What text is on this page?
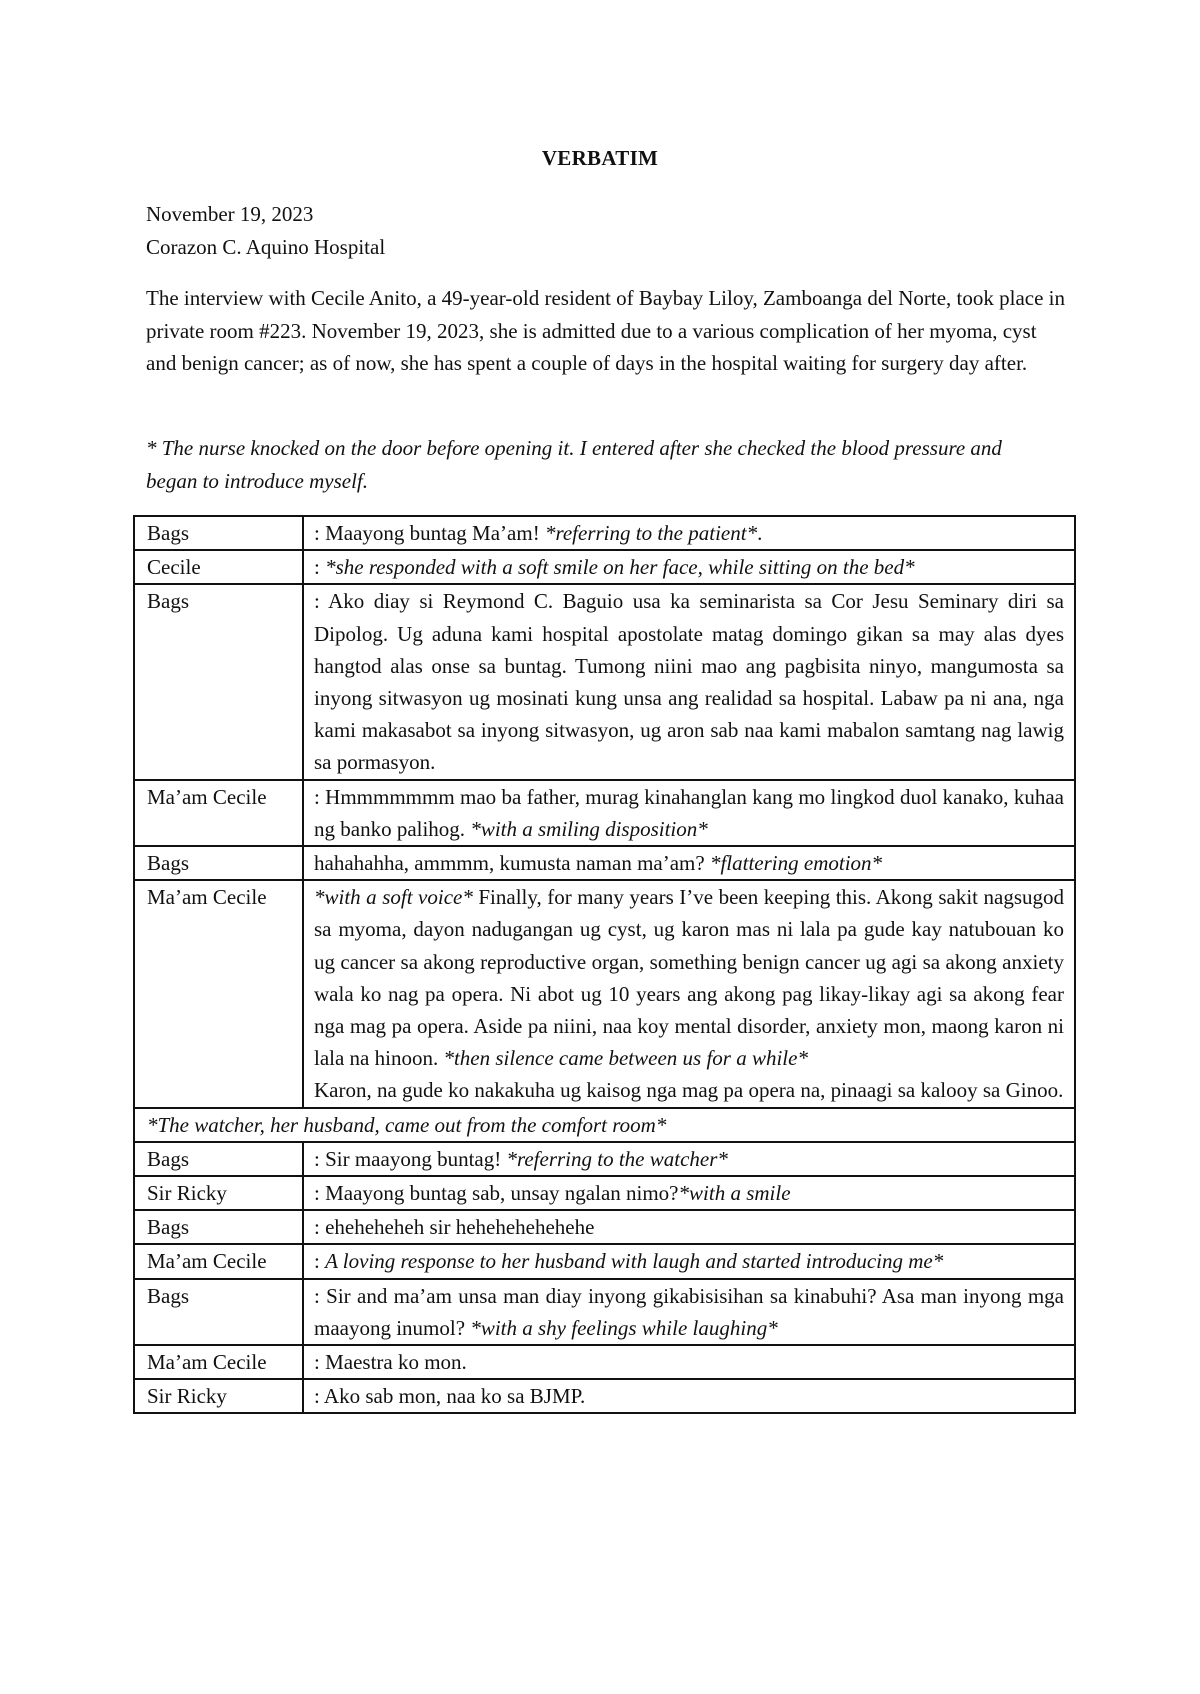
VERBATIM
November 19, 2023
Corazon C. Aquino Hospital
The interview with Cecile Anito, a 49-year-old resident of Baybay Liloy, Zamboanga del Norte, took place in private room #223. November 19, 2023, she is admitted due to a various complication of her myoma, cyst and benign cancer; as of now, she has spent a couple of days in the hospital waiting for surgery day after.
* The nurse knocked on the door before opening it. I entered after she checked the blood pressure and began to introduce myself.
Bags	: Maayong buntag Ma’am! *referring to the patient*.
Cecile	: *she responded with a soft smile on her face, while sitting on the bed*
Bags	: Ako diay si Reymond C. Baguio usa ka seminarista sa Cor Jesu Seminary diri sa Dipolog. Ug aduna kami hospital apostolate matag domingo gikan sa may alas dyes hangtod alas onse sa buntag. Tumong niini mao ang pagbisita ninyo, mangumosta sa inyong sitwasyon ug mosinati kung unsa ang realidad sa hospital. Labaw pa ni ana, nga kami makasabot sa inyong sitwasyon, ug aron sab naa kami mabalon samtang nag lawig sa pormasyon.
Ma’am Cecile	: Hmmmmmmm mao ba father, murag kinahanglan kang mo lingkod duol kanako, kuhaa ng banko palihog. *with a smiling disposition*
Bags	hahahahha, ammmm, kumusta naman ma’am? *flattering emotion*
Ma’am Cecile	*with a soft voice* Finally, for many years I’ve been keeping this. Akong sakit nagsugod sa myoma, dayon nadugangan ug cyst, ug karon mas ni lala pa gude kay natubouan ko ug cancer sa akong reproductive organ, something benign cancer ug agi sa akong anxiety wala ko nag pa opera. Ni abot ug 10 years ang akong pag likay-likay agi sa akong fear nga mag pa opera. Aside pa niini, naa koy mental disorder, anxiety mon, maong karon ni lala na hinoon. *then silence came between us for a while*
Karon, na gude ko nakakuha ug kaisog nga mag pa opera na, pinaagi sa kalooy sa Ginoo.
*The watcher, her husband, came out from the comfort room*	
Bags	: Sir maayong buntag! *referring to the watcher*
Sir Ricky	: Maayong buntag sab, unsay ngalan nimo?*with a smile
Bags	: eheheheheh sir hehehehehehehe
Ma’am Cecile	: A loving response to her husband with laugh and started introducing me*
Bags	: Sir and ma’am unsa man diay inyong gikabisisihan sa kinabuhi? Asa man inyong mga maayong inumol? *with a shy feelings while laughing*
Ma’am Cecile	: Maestra ko mon.
Sir Ricky	: Ako sab mon, naa ko sa BJMP.
